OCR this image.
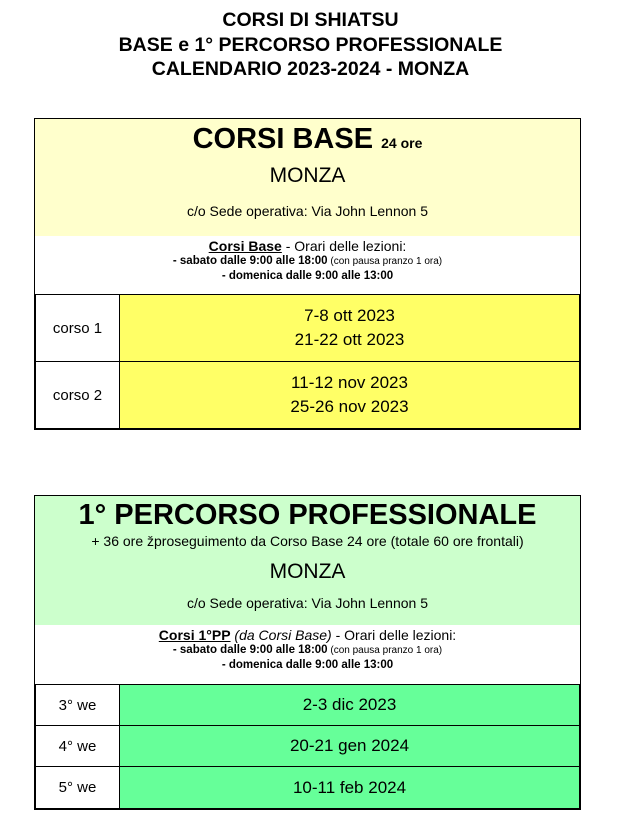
CORSI DI SHIATSU
BASE e 1° PERCORSO PROFESSIONALE
CALENDARIO 2023-2024 - MONZA
CORSI BASE 24 ore
MONZA
c/o Sede operativa: Via John Lennon 5
Corsi Base - Orari delle lezioni:
- sabato dalle 9:00 alle 18:00 (con pausa pranzo 1 ora)
- domenica dalle 9:00 alle 13:00
corso 1	7-8 ott 2023
21-22 ott 2023

corso 2	11-12 nov 2023
25-26 nov 2023
1° PERCORSO PROFESSIONALE
+ 36 ore žproseguimento da Corso Base 24 ore (totale 60 ore frontali)
MONZA
c/o Sede operativa: Via John Lennon 5
Corsi 1°PP (da Corsi Base) - Orari delle lezioni:
- sabato dalle 9:00 alle 18:00 (con pausa pranzo 1 ora)
- domenica dalle 9:00 alle 13:00
3° we	2-3 dic 2023
4° we	20-21 gen 2024
5° we	10-11 feb 2024
